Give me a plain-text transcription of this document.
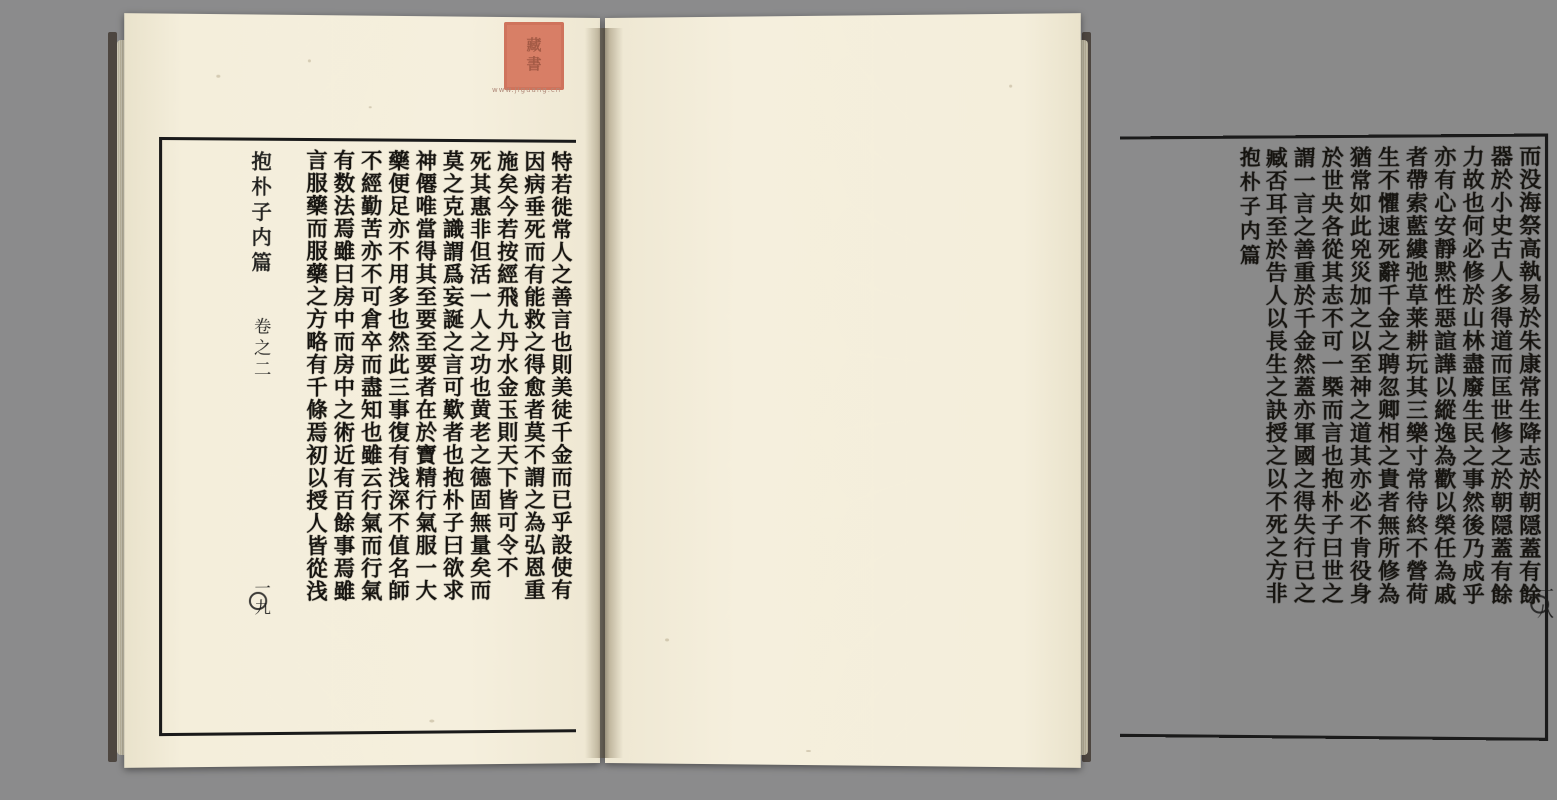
抱朴子内篇
卷之二
一九	特若徙常人之善言也則美徒千金而已乎設使有
因病垂死而有能救之得愈者莫不謂之為弘恩重
施矣今若按經飛九丹水金玉則天下皆可令不
死其惠非但活一人之功也黄老之德固無量矣而
莫之克識謂爲妄誕之言可歎者也抱朴子曰欲求
神僊唯當得其至要至要者在於寶精行氣服一大
藥便足亦不用多也然此三事復有浅深不值名師
不經勤苦亦不可倉卒而盡知也雖云行氣而行氣
有数法焉雖曰房中而房中之術近有百餘事焉雖
言服藥而服藥之方略有千條焉初以授人皆從浅	一八
而没海祭高執易於朱康常生降志於朝隠蓋有餘
器於小史古人多得道而匡世修之於朝隠蓋有餘
力故也何必修於山林盡廢生民之事然後乃成乎
亦有心安靜黙性惡諠譁以縱逸為歡以榮任為戚
者帶索藍縷弛草莱耕玩其三樂寸常待終不營荷
生不懼速死辭千金之聘忽卿相之貴者無所修為
猶常如此兇災加之以至神之道其亦必不肯役身
於世央各從其志不可一槩而言也抱朴子曰世之
謂一言之善重於千金然蓋亦軍國之得失行已之
臧否耳至於告人以長生之訣授之以不死之方非
抱朴子内篇
藏書
www.jiguang.cn
